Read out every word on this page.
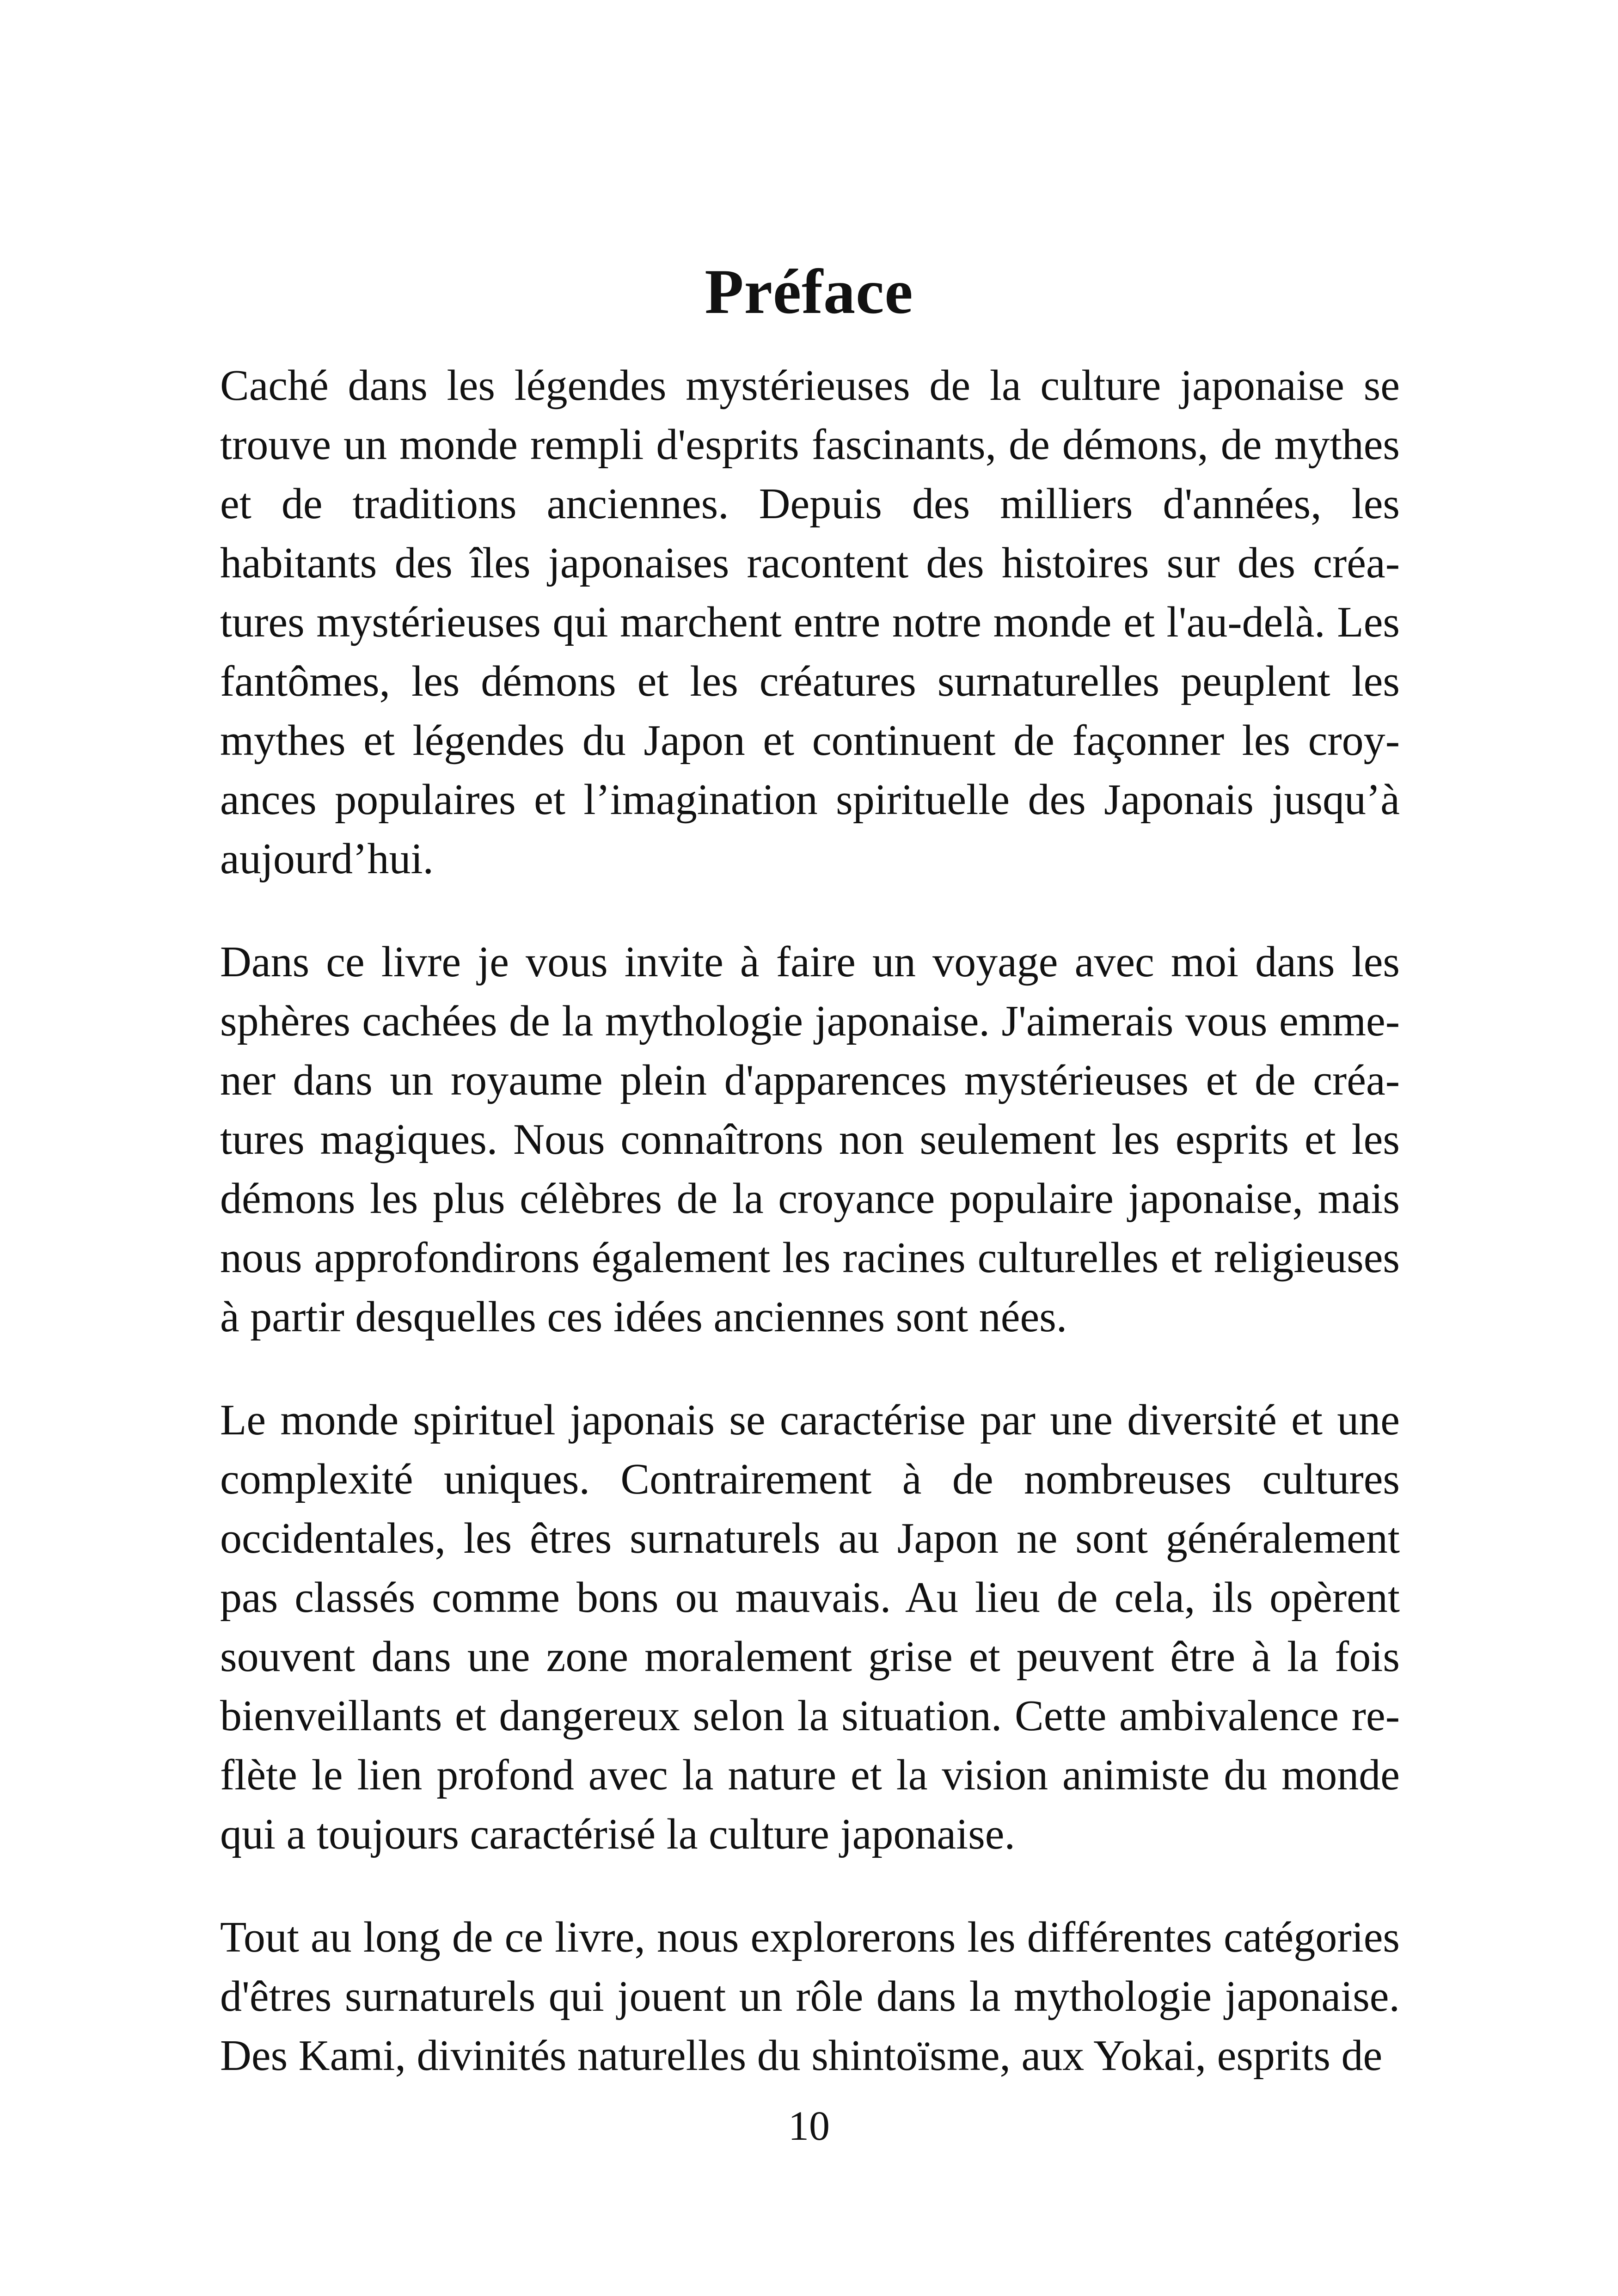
Préface

Caché dans les légendes mystérieuses de la culture japonaise se trouve un monde rempli d'esprits fascinants, de démons, de mythes et de traditions anciennes. Depuis des milliers d'années, les habitants des îles japonaises racontent des histoires sur des créatures mystérieuses qui marchent entre notre monde et l'au-delà. Les fantômes, les démons et les créatures surnaturelles peuplent les mythes et légendes du Japon et continuent de façonner les croyances populaires et l’imagination spirituelle des Japonais jusqu’à aujourd’hui.

Dans ce livre je vous invite à faire un voyage avec moi dans les sphères cachées de la mythologie japonaise. J'aimerais vous emmener dans un royaume plein d'apparences mystérieuses et de créatures magiques. Nous connaîtrons non seulement les esprits et les démons les plus célèbres de la croyance populaire japonaise, mais nous approfondirons également les racines culturelles et religieuses à partir desquelles ces idées anciennes sont nées.

Le monde spirituel japonais se caractérise par une diversité et une complexité uniques. Contrairement à de nombreuses cultures occidentales, les êtres surnaturels au Japon ne sont généralement pas classés comme bons ou mauvais. Au lieu de cela, ils opèrent souvent dans une zone moralement grise et peuvent être à la fois bienveillants et dangereux selon la situation. Cette ambivalence reflète le lien profond avec la nature et la vision animiste du monde qui a toujours caractérisé la culture japonaise.

Tout au long de ce livre, nous explorerons les différentes catégories d'êtres surnaturels qui jouent un rôle dans la mythologie japonaise. Des Kami, divinités naturelles du shintoïsme, aux Yokai, esprits de

10
